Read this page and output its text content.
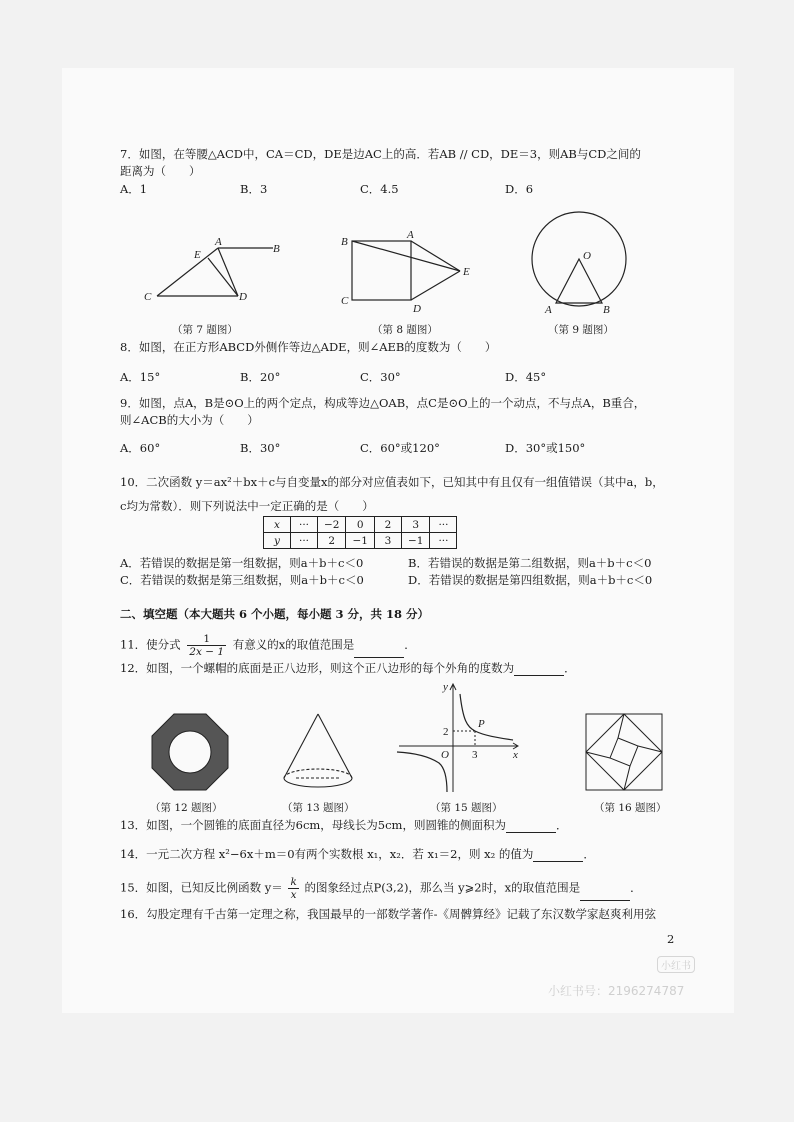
7．如图，在等腰△ACD中，CA＝CD，DE是边AC上的高．若AB // CD，DE＝3，则AB与CD之间的
距离为（　　）
A．1	B．3	C．4.5	D．6
A
B
C	D
E
（第 7 题图）
A
B
C
D
E
（第 8 题图）
O
A	B
（第 9 题图）
8．如图，在正方形ABCD外侧作等边△ADE，则∠AEB的度数为（　　）
A．15°	B．20°	C．30°	D．45°
9．如图，点A，B是⊙O上的两个定点，构成等边△OAB，点C是⊙O上的一个动点，不与点A，B重合，
则∠ACB的大小为（　　）
A．60°	B．30°	C．60°或120°	D．30°或150°
10．二次函数 y＝ax²＋bx＋c与自变量x的部分对应值表如下，已知其中有且仅有一组值错误（其中a，b，
c均为常数）．则下列说法中一定正确的是（　　）
x	···	−2	0	2	3	···
y	···	2	−1	3	−1	···
A．若错误的数据是第一组数据，则a＋b＋c＜0	B．若错误的数据是第二组数据，则a＋b＋c＜0
C．若错误的数据是第三组数据，则a＋b＋c＜0	D．若错误的数据是第四组数据，则a＋b＋c＜0
二、填空题（本大题共 6 个小题，每小题 3 分，共 18 分）
11．使分式 $\frac{1}{2x - 1}$ 有意义的x的取值范围是	．
12．如图，一个螺帽的底面是正八边形，则这个正八边形的每个外角的度数为	．
（第 12 题图）	（第 13 题图）
y
x
O
P
2
3
（第 15 题图）	（第 16 题图）
13．如图，一个圆锥的底面直径为6cm，母线长为5cm，则圆锥的侧面积为	．
14．一元二次方程 x²−6x＋m＝0有两个实数根 x₁，x₂．若 x₁＝2，则 x₂ 的值为	．
15．如图，已知反比例函数 $y= \frac{k}{x}$ 的图象经过点P(3,2)，那么当 y⩾2时，x的取值范围是	．
16．勾股定理有千古第一定理之称，我国最早的一部数学著作-《周髀算经》记载了东汉数学家赵爽利用弦
2
小红书
小红书号：2196274787
